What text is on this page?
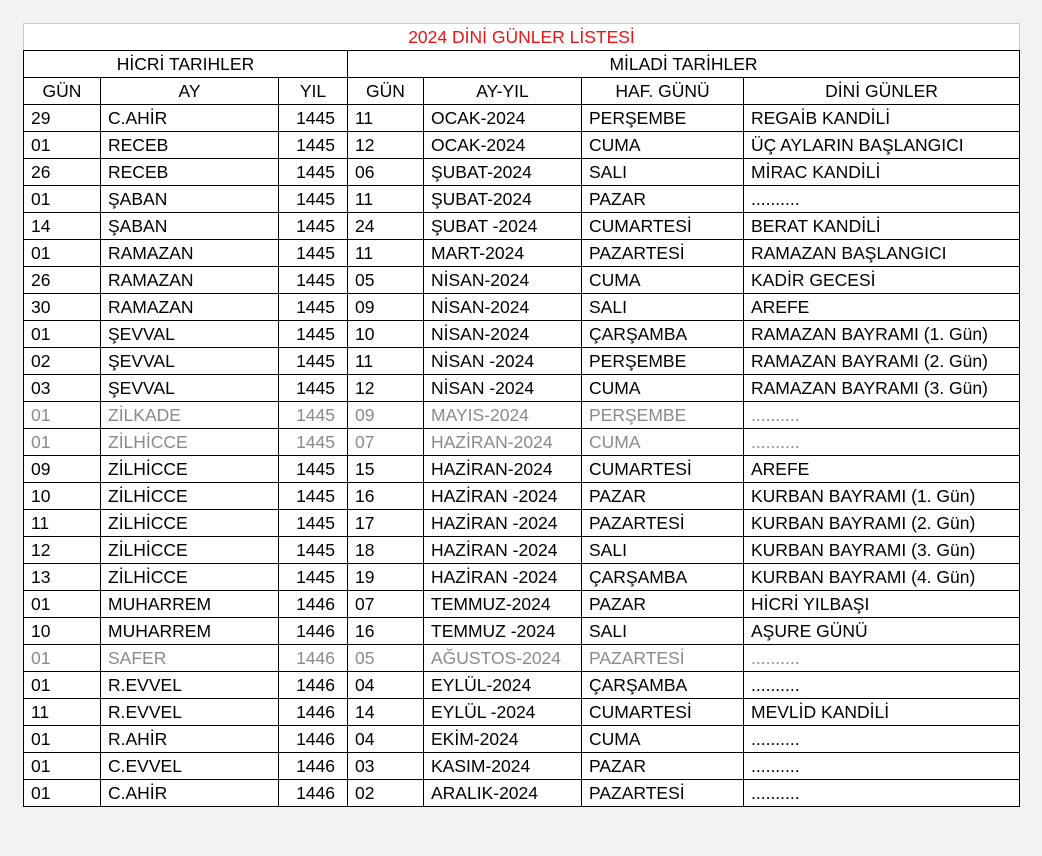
2024 DİNİ GÜNLER LİSTESİ						
HİCRİ TARIHLER			MİLADİ TARİHLER			
GÜN	AY	YIL	GÜN	AY-YIL	HAF. GÜNÜ	DİNİ GÜNLER
29	C.AHİR	1445	11	OCAK-2024	PERŞEMBE	REGAİB KANDİLİ
01	RECEB	1445	12	OCAK-2024	CUMA	ÜÇ AYLARIN BAŞLANGICI
26	RECEB	1445	06	ŞUBAT-2024	SALI	MİRAC KANDİLİ
01	ŞABAN	1445	11	ŞUBAT-2024	PAZAR	..........
14	ŞABAN	1445	24	ŞUBAT -2024	CUMARTESİ	BERAT KANDİLİ
01	RAMAZAN	1445	11	MART-2024	PAZARTESİ	RAMAZAN BAŞLANGICI
26	RAMAZAN	1445	05	NİSAN-2024	CUMA	KADİR GECESİ
30	RAMAZAN	1445	09	NİSAN-2024	SALI	AREFE
01	ŞEVVAL	1445	10	NİSAN-2024	ÇARŞAMBA	RAMAZAN BAYRAMI (1. Gün)
02	ŞEVVAL	1445	11	NİSAN -2024	PERŞEMBE	RAMAZAN BAYRAMI (2. Gün)
03	ŞEVVAL	1445	12	NİSAN -2024	CUMA	RAMAZAN BAYRAMI (3. Gün)
01	ZİLKADE	1445	09	MAYIS-2024	PERŞEMBE	..........
01	ZİLHİCCE	1445	07	HAZİRAN-2024	CUMA	..........
09	ZİLHİCCE	1445	15	HAZİRAN-2024	CUMARTESİ	AREFE
10	ZİLHİCCE	1445	16	HAZİRAN -2024	PAZAR	KURBAN BAYRAMI (1. Gün)
11	ZİLHİCCE	1445	17	HAZİRAN -2024	PAZARTESİ	KURBAN BAYRAMI (2. Gün)
12	ZİLHİCCE	1445	18	HAZİRAN -2024	SALI	KURBAN BAYRAMI (3. Gün)
13	ZİLHİCCE	1445	19	HAZİRAN -2024	ÇARŞAMBA	KURBAN BAYRAMI (4. Gün)
01	MUHARREM	1446	07	TEMMUZ-2024	PAZAR	HİCRİ YILBAŞI
10	MUHARREM	1446	16	TEMMUZ -2024	SALI	AŞURE GÜNÜ
01	SAFER	1446	05	AĞUSTOS-2024	PAZARTESİ	..........
01	R.EVVEL	1446	04	EYLÜL-2024	ÇARŞAMBA	..........
11	R.EVVEL	1446	14	EYLÜL -2024	CUMARTESİ	MEVLİD KANDİLİ
01	R.AHİR	1446	04	EKİM-2024	CUMA	..........
01	C.EVVEL	1446	03	KASIM-2024	PAZAR	..........
01	C.AHİR	1446	02	ARALIK-2024	PAZARTESİ	..........
